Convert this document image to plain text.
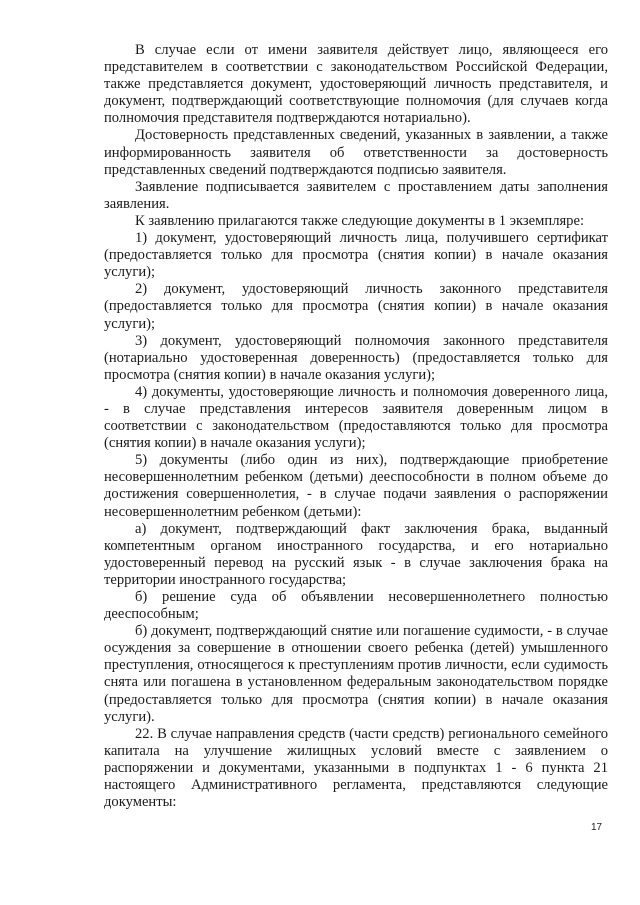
В случае если от имени заявителя действует лицо, являющееся его представителем в соответствии с законодательством Российской Федерации, также представляется документ, удостоверяющий личность представителя, и документ, подтверждающий соответствующие полномочия (для случаев когда полномочия представителя подтверждаются нотариально).

Достоверность представленных сведений, указанных в заявлении, а также информированность заявителя об ответственности за достоверность представленных сведений подтверждаются подписью заявителя.

Заявление подписывается заявителем с проставлением даты заполнения заявления.

К заявлению прилагаются также следующие документы в 1 экземпляре:

1) документ, удостоверяющий личность лица, получившего сертификат (предоставляется только для просмотра (снятия копии) в начале оказания услуги);

2) документ, удостоверяющий личность законного представителя (предоставляется только для просмотра (снятия копии) в начале оказания услуги);

3) документ, удостоверяющий полномочия законного представителя (нотариально удостоверенная доверенность) (предоставляется только для просмотра (снятия копии) в начале оказания услуги);

4) документы, удостоверяющие личность и полномочия доверенного лица, - в случае представления интересов заявителя доверенным лицом в соответствии с законодательством (предоставляются только для просмотра (снятия копии) в начале оказания услуги);

5) документы (либо один из них), подтверждающие приобретение несовершеннолетним ребенком (детьми) дееспособности в полном объеме до достижения совершеннолетия, - в случае подачи заявления о распоряжении несовершеннолетним ребенком (детьми):

а) документ, подтверждающий факт заключения брака, выданный компетентным органом иностранного государства, и его нотариально удостоверенный перевод на русский язык - в случае заключения брака на территории иностранного государства;

б) решение суда об объявлении несовершеннолетнего полностью дееспособным;

б) документ, подтверждающий снятие или погашение судимости, - в случае осуждения за совершение в отношении своего ребенка (детей) умышленного преступления, относящегося к преступлениям против личности, если судимость снята или погашена в установленном федеральным законодательством порядке (предоставляется только для просмотра (снятия копии) в начале оказания услуги).

22. В случае направления средств (части средств) регионального семейного капитала на улучшение жилищных условий вместе с заявлением о распоряжении и документами, указанными в подпунктах 1 - 6 пункта 21 настоящего Административного регламента, представляются следующие документы:

17
